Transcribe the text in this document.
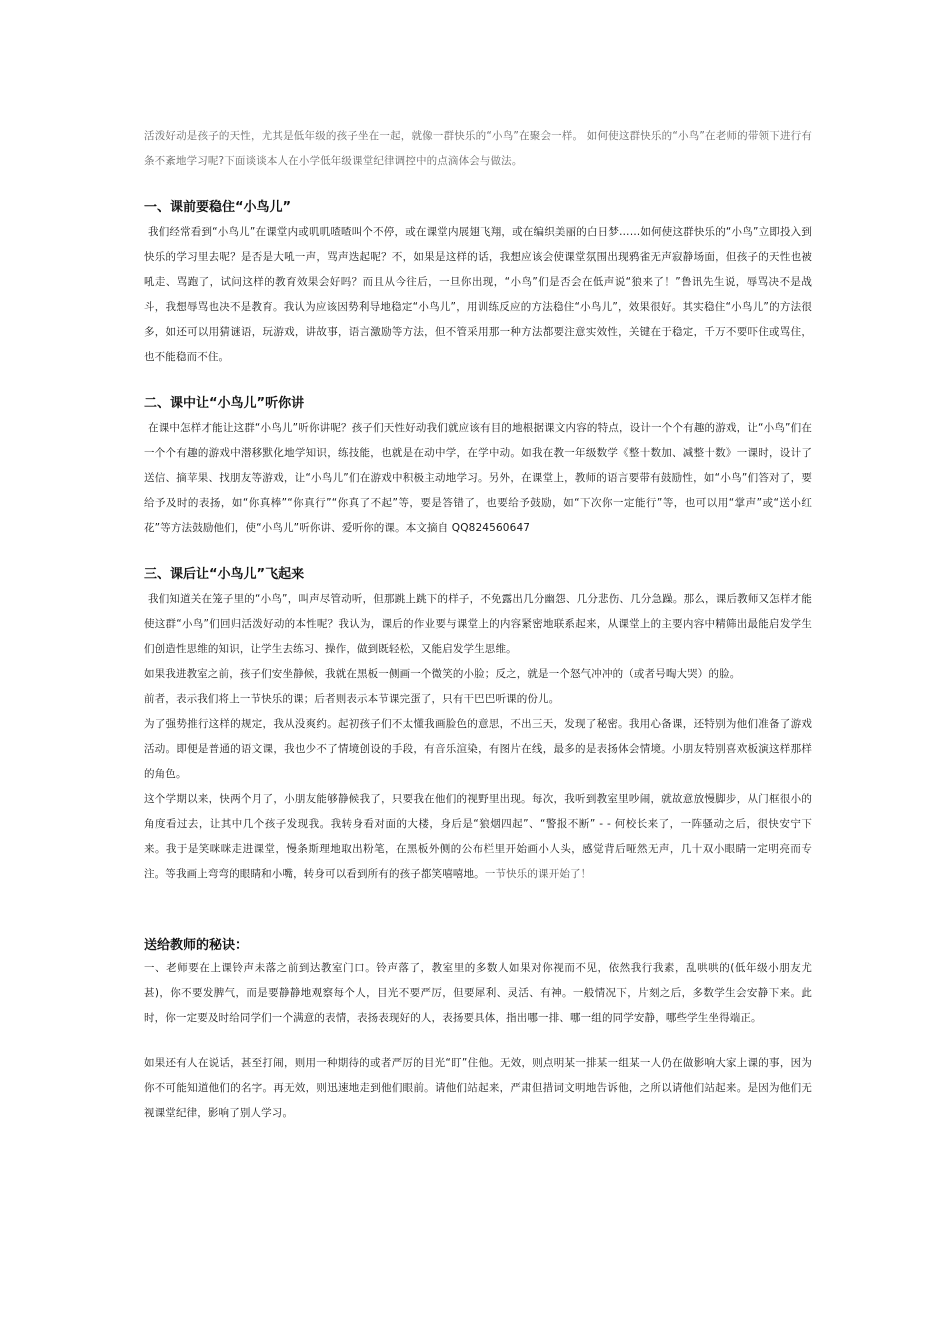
活泼好动是孩子的天性，尤其是低年级的孩子坐在一起，就像一群快乐的“小鸟”在聚会一样。 如何使这群快乐的“小鸟”在老师的带领下进行有条不紊地学习呢?下面谈谈本人在小学低年级课堂纪律调控中的点滴体会与做法。

一、课前要稳住“小鸟儿”

我们经常看到“小鸟儿”在课堂内或叽叽喳喳叫个不停，或在课堂内展翅飞翔，或在编织美丽的白日梦……如何使这群快乐的“小鸟”立即投入到快乐的学习里去呢？是否是大吼一声，骂声迭起呢？不，如果是这样的话，我想应该会使课堂氛围出现鸦雀无声寂静场面，但孩子的天性也被吼走、骂跑了，试问这样的教育效果会好吗？而且从今往后，一旦你出现，“小鸟”们是否会在低声说“狼来了！”鲁讯先生说，辱骂决不是战斗，我想辱骂也决不是教育。我认为应该因势利导地稳定“小鸟儿”，用训练反应的方法稳住“小鸟儿”，效果很好。其实稳住“小鸟儿”的方法很多，如还可以用猜谜语，玩游戏，讲故事，语言激励等方法，但不管采用那一种方法都要注意实效性，关键在于稳定，千万不要吓住或骂住，也不能稳而不住。

二、课中让“小鸟儿”听你讲

在课中怎样才能让这群“小鸟儿”听你讲呢？孩子们天性好动我们就应该有目的地根据课文内容的特点，设计一个个有趣的游戏，让“小鸟”们在一个个有趣的游戏中潜移默化地学知识，练技能，也就是在动中学，在学中动。如我在教一年级数学《整十数加、减整十数》一课时，设计了送信、摘苹果、找朋友等游戏，让“小鸟儿”们在游戏中积极主动地学习。另外，在课堂上，教师的语言要带有鼓励性，如“小鸟”们答对了，要给予及时的表扬，如“你真棒”“你真行”“你真了不起”等，要是答错了，也要给予鼓励，如“下次你一定能行”等，也可以用“掌声”或“送小红花”等方法鼓励他们，使“小鸟儿”听你讲、爱听你的课。本文摘自 QQ824560647

三、课后让“小鸟儿”飞起来

我们知道关在笼子里的“小鸟”，叫声尽管动听，但那跳上跳下的样子，不免露出几分幽怨、几分悲伤、几分急躁。那么，课后教师又怎样才能使这群“小鸟”们回归活泼好动的本性呢？我认为，课后的作业要与课堂上的内容紧密地联系起来，从课堂上的主要内容中精筛出最能启发学生们创造性思维的知识，让学生去练习、操作，做到既轻松，又能启发学生思维。

如果我进教室之前，孩子们安坐静候，我就在黑板一侧画一个微笑的小脸；反之，就是一个怒气冲冲的（或者号啕大哭）的脸。

前者，表示我们将上一节快乐的课；后者则表示本节课完蛋了，只有干巴巴听课的份儿。

为了强势推行这样的规定，我从没爽约。起初孩子们不太懂我画脸色的意思，不出三天，发现了秘密。我用心备课，还特别为他们准备了游戏活动。即便是普通的语文课，我也少不了情境创设的手段，有音乐渲染，有图片在线，最多的是表扬体会情境。小朋友特别喜欢板演这样那样的角色。

这个学期以来，快两个月了，小朋友能够静候我了，只要我在他们的视野里出现。每次，我听到教室里吵闹，就故意放慢脚步，从门框很小的角度看过去，让其中几个孩子发现我。我转身看对面的大楼，身后是“狼烟四起”、“警报不断” - - 何校长来了，一阵骚动之后，很快安宁下来。我于是笑咪咪走进课堂，慢条斯理地取出粉笔，在黑板外侧的公布栏里开始画小人头，感觉背后哑然无声，几十双小眼睛一定明亮而专注。等我画上弯弯的眼睛和小嘴，转身可以看到所有的孩子都笑嘻嘻地。一节快乐的课开始了！

送给教师的秘诀：

一、老师要在上课铃声未落之前到达教室门口。铃声落了，教室里的多数人如果对你视而不见，依然我行我素，乱哄哄的(低年级小朋友尤甚)，你不要发脾气，而是要静静地观察每个人，目光不要严厉，但要犀利、灵活、有神。一般情况下，片刻之后，多数学生会安静下来。此时，你一定要及时给同学们一个满意的表情，表扬表现好的人，表扬要具体，指出哪一排、哪一组的同学安静，哪些学生坐得端正。

如果还有人在说话，甚至打闹，则用一种期待的或者严厉的目光“盯”住他。无效，则点明某一排某一组某一人仍在做影响大家上课的事，因为你不可能知道他们的名字。再无效，则迅速地走到他们眼前。请他们站起来，严肃但措词文明地告诉他，之所以请他们站起来。是因为他们无视课堂纪律，影响了别人学习。
